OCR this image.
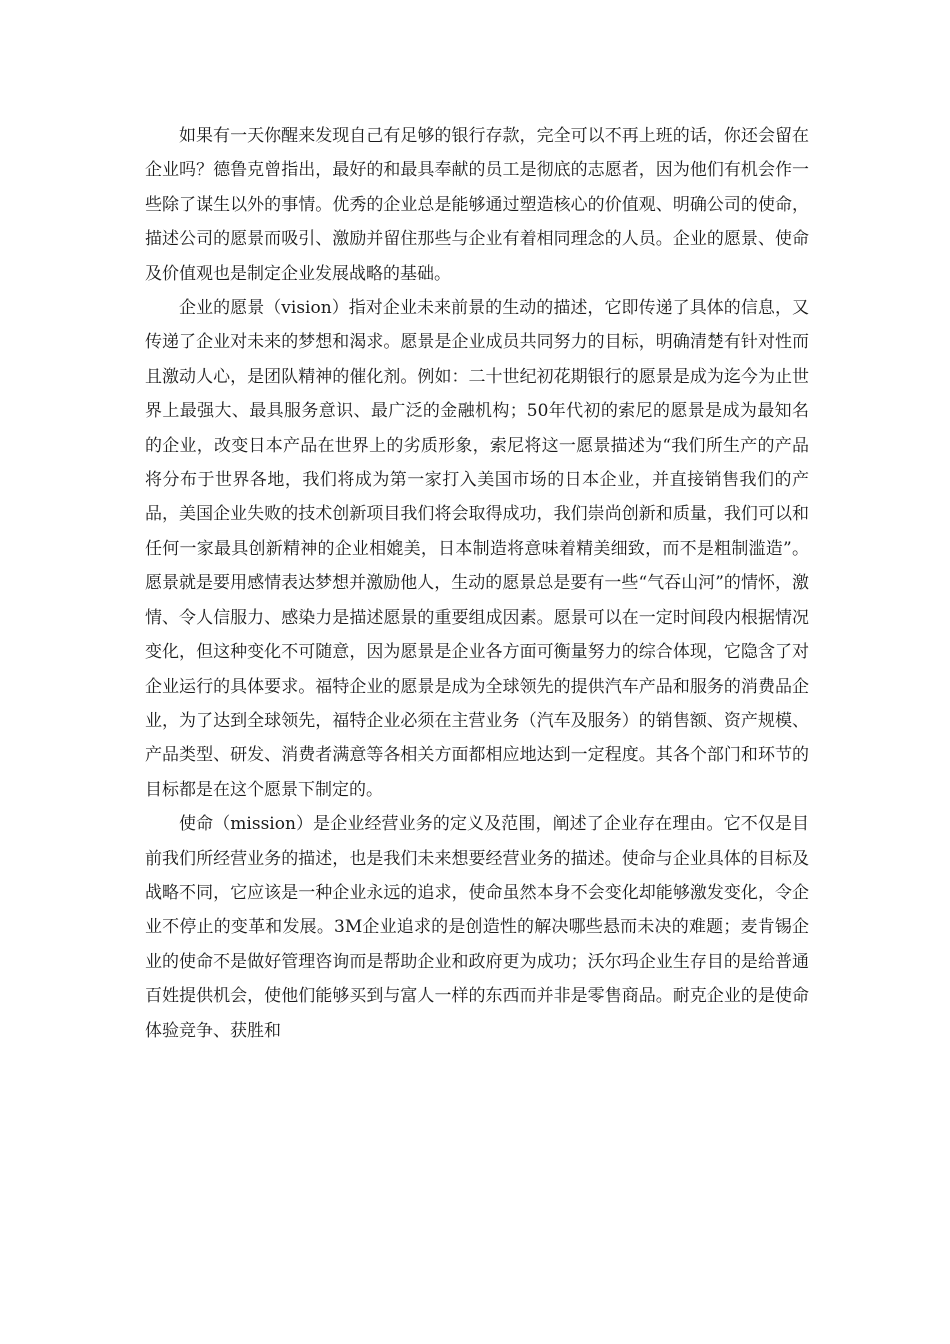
如果有一天你醒来发现自己有足够的银行存款，完全可以不再上班的话，你还会留在企业吗？德鲁克曾指出，最好的和最具奉献的员工是彻底的志愿者，因为他们有机会作一些除了谋生以外的事情。优秀的企业总是能够通过塑造核心的价值观、明确公司的使命，描述公司的愿景而吸引、激励并留住那些与企业有着相同理念的人员。企业的愿景、使命及价值观也是制定企业发展战略的基础。

企业的愿景（vision）指对企业未来前景的生动的描述，它即传递了具体的信息，又传递了企业对未来的梦想和渴求。愿景是企业成员共同努力的目标，明确清楚有针对性而且激动人心，是团队精神的催化剂。例如：二十世纪初花期银行的愿景是成为迄今为止世界上最强大、最具服务意识、最广泛的金融机构；50年代初的索尼的愿景是成为最知名的企业，改变日本产品在世界上的劣质形象，索尼将这一愿景描述为“我们所生产的产品将分布于世界各地，我们将成为第一家打入美国市场的日本企业，并直接销售我们的产品，美国企业失败的技术创新项目我们将会取得成功，我们崇尚创新和质量，我们可以和任何一家最具创新精神的企业相媲美，日本制造将意味着精美细致，而不是粗制滥造”。愿景就是要用感情表达梦想并激励他人，生动的愿景总是要有一些“气吞山河”的情怀，激情、令人信服力、感染力是描述愿景的重要组成因素。愿景可以在一定时间段内根据情况变化，但这种变化不可随意，因为愿景是企业各方面可衡量努力的综合体现，它隐含了对企业运行的具体要求。福特企业的愿景是成为全球领先的提供汽车产品和服务的消费品企业，为了达到全球领先，福特企业必须在主营业务（汽车及服务）的销售额、资产规模、产品类型、研发、消费者满意等各相关方面都相应地达到一定程度。其各个部门和环节的目标都是在这个愿景下制定的。

使命（mission）是企业经营业务的定义及范围，阐述了企业存在理由。它不仅是目前我们所经营业务的描述，也是我们未来想要经营业务的描述。使命与企业具体的目标及战略不同，它应该是一种企业永远的追求，使命虽然本身不会变化却能够激发变化，令企业不停止的变革和发展。3M企业追求的是创造性的解决哪些悬而未决的难题；麦肯锡企业的使命不是做好管理咨询而是帮助企业和政府更为成功；沃尔玛企业生存目的是给普通百姓提供机会，使他们能够买到与富人一样的东西而并非是零售商品。耐克企业的是使命体验竞争、获胜和
